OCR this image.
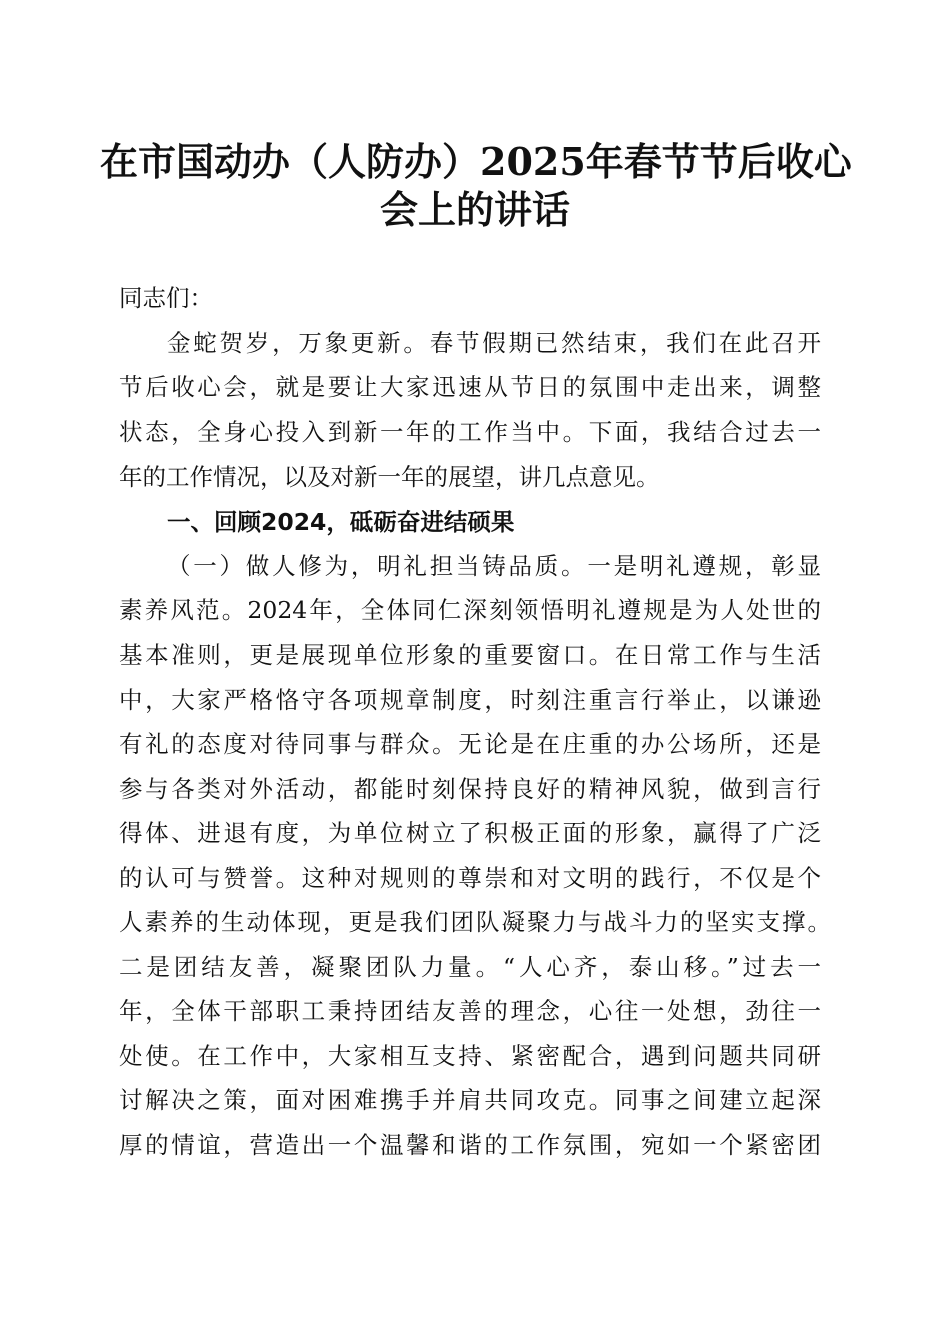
在市国动办（人防办）2025年春节节后收心
会上的讲话
同志们：
金蛇贺岁，万象更新。春节假期已然结束，我们在此召开
节后收心会，就是要让大家迅速从节日的氛围中走出来，调整
状态，全身心投入到新一年的工作当中。下面，我结合过去一
年的工作情况，以及对新一年的展望，讲几点意见。
一、回顾2024，砥砺奋进结硕果
（一）做人修为，明礼担当铸品质。一是明礼遵规，彰显
素养风范。2024年，全体同仁深刻领悟明礼遵规是为人处世的
基本准则，更是展现单位形象的重要窗口。在日常工作与生活
中，大家严格恪守各项规章制度，时刻注重言行举止，以谦逊
有礼的态度对待同事与群众。无论是在庄重的办公场所，还是
参与各类对外活动，都能时刻保持良好的精神风貌，做到言行
得体、进退有度，为单位树立了积极正面的形象，赢得了广泛
的认可与赞誉。这种对规则的尊崇和对文明的践行，不仅是个
人素养的生动体现，更是我们团队凝聚力与战斗力的坚实支撑。
二是团结友善，凝聚团队力量。“人心齐，泰山移。”过去一
年，全体干部职工秉持团结友善的理念，心往一处想，劲往一
处使。在工作中，大家相互支持、紧密配合，遇到问题共同研
讨解决之策，面对困难携手并肩共同攻克。同事之间建立起深
厚的情谊，营造出一个温馨和谐的工作氛围，宛如一个紧密团
